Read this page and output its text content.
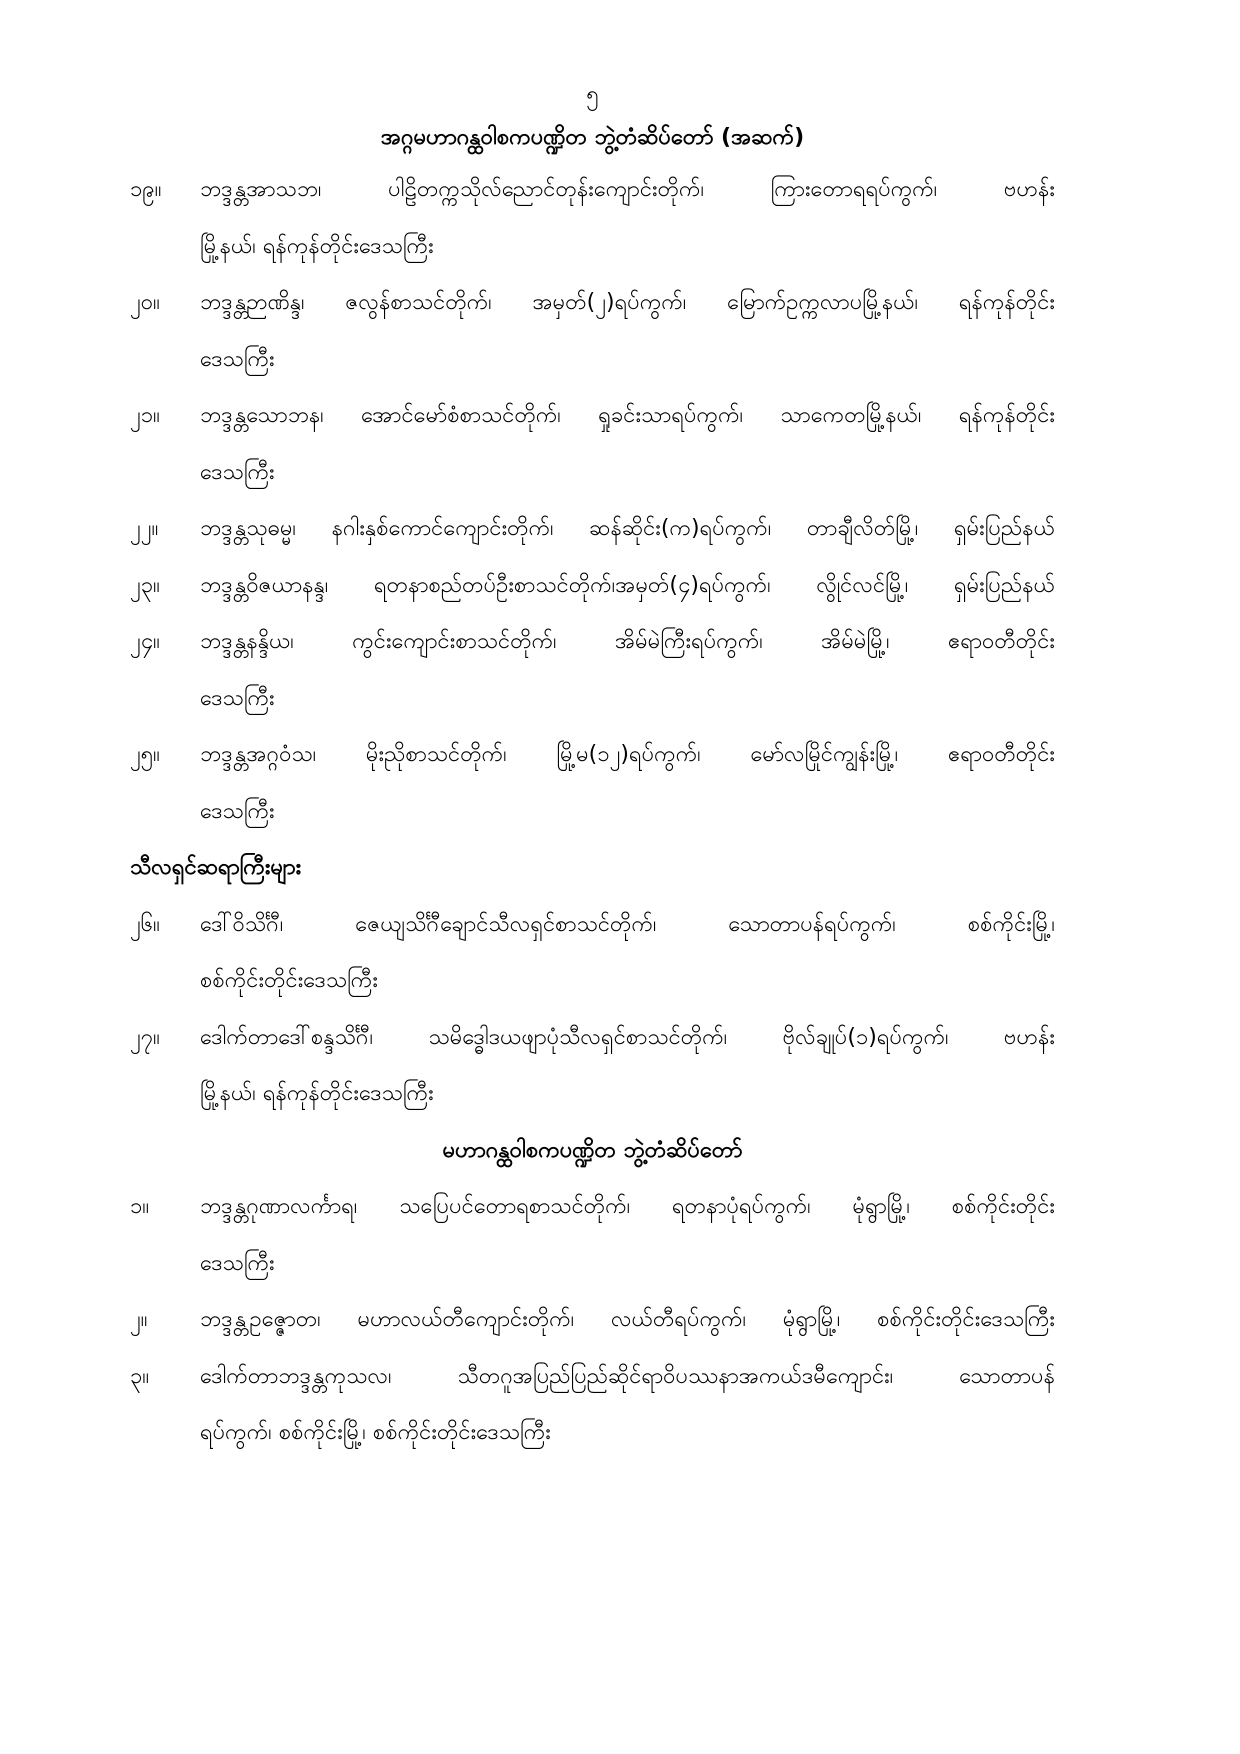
၅
အဂ္ဂမဟာဂန္ထဝါစကပဏ္ဍိတ ဘွဲ့တံဆိပ်တော် (အဆက်)
၁၉။	ဘဒ္ဒန္တအာသဘ၊ ပါဠိတက္ကသိုလ်ညောင်တုန်းကျောင်းတိုက်၊ ကြားတောရရပ်ကွက်၊ ဗဟန်း
မြို့နယ်၊ ရန်ကုန်တိုင်းဒေသကြီး
၂၀။	ဘဒ္ဒန္တဉာဏိန္ဒ၊ ဇလွန်စာသင်တိုက်၊ အမှတ်(၂)ရပ်ကွက်၊ မြောက်ဥက္ကလာပမြို့နယ်၊ ရန်ကုန်တိုင်း
ဒေသကြီး
၂၁။	ဘဒ္ဒန္တသောဘန၊ အောင်မော်စံစာသင်တိုက်၊ ရှုခင်းသာရပ်ကွက်၊ သာကေတမြို့နယ်၊ ရန်ကုန်တိုင်း
ဒေသကြီး
၂၂။	ဘဒ္ဒန္တသုဓမ္မ၊ နဂါးနှစ်ကောင်ကျောင်းတိုက်၊ ဆန်ဆိုင်း(က)ရပ်ကွက်၊ တာချီလိတ်မြို့၊ ရှမ်းပြည်နယ်
၂၃။	ဘဒ္ဒန္တဝိဇယာနန္ဒ၊ ရတနာစည်တပ်ဦးစာသင်တိုက်၊အမှတ်(၄)ရပ်ကွက်၊ လွိုင်လင်မြို့၊ ရှမ်းပြည်နယ်
၂၄။	ဘဒ္ဒန္တနန္ဒိယ၊ ကွင်းကျောင်းစာသင်တိုက်၊ အိမ်မဲကြီးရပ်ကွက်၊ အိမ်မဲမြို့၊ ဧရာဝတီတိုင်း
ဒေသကြီး
၂၅။	ဘဒ္ဒန္တအဂ္ဂဝံသ၊ မိုးညိုစာသင်တိုက်၊ မြို့မ(၁၂)ရပ်ကွက်၊ မော်လမြိုင်ကျွန်းမြို့၊ ဧရာဝတီတိုင်း
ဒေသကြီး
သီလရှင်ဆရာကြီးများ
၂၆။	ဒေါ်ဝိသိင်္ဂီ၊ ဇေယျသိင်္ဂီချောင်သီလရှင်စာသင်တိုက်၊ သောတာပန်ရပ်ကွက်၊ စစ်ကိုင်းမြို့၊
စစ်ကိုင်းတိုင်းဒေသကြီး
၂၇။	ဒေါက်တာဒေါ်စန္ဒသိင်္ဂီ၊ သမိဒ္ဓေါဒယဖျာပုံသီလရှင်စာသင်တိုက်၊ ဗိုလ်ချုပ်(၁)ရပ်ကွက်၊ ဗဟန်း
မြို့နယ်၊ ရန်ကုန်တိုင်းဒေသကြီး
မဟာဂန္ထဝါစကပဏ္ဍိတ ဘွဲ့တံဆိပ်တော်
၁။	ဘဒ္ဒန္တဂုဏာလင်္ကာရ၊ သပြေပင်တောရစာသင်တိုက်၊ ရတနာပုံရပ်ကွက်၊ မုံရွာမြို့၊ စစ်ကိုင်းတိုင်း
ဒေသကြီး
၂။	ဘဒ္ဒန္တဥဇ္ဇောတ၊ မဟာလယ်တီကျောင်းတိုက်၊ လယ်တီရပ်ကွက်၊ မုံရွာမြို့၊ စစ်ကိုင်းတိုင်းဒေသကြီး
၃။	ဒေါက်တာဘဒ္ဒန္တကုသလ၊ သီတဂူအပြည်ပြည်ဆိုင်ရာဝိပဿနာအကယ်ဒမီကျောင်း၊ သောတာပန်
ရပ်ကွက်၊ စစ်ကိုင်းမြို့၊ စစ်ကိုင်းတိုင်းဒေသကြီး
